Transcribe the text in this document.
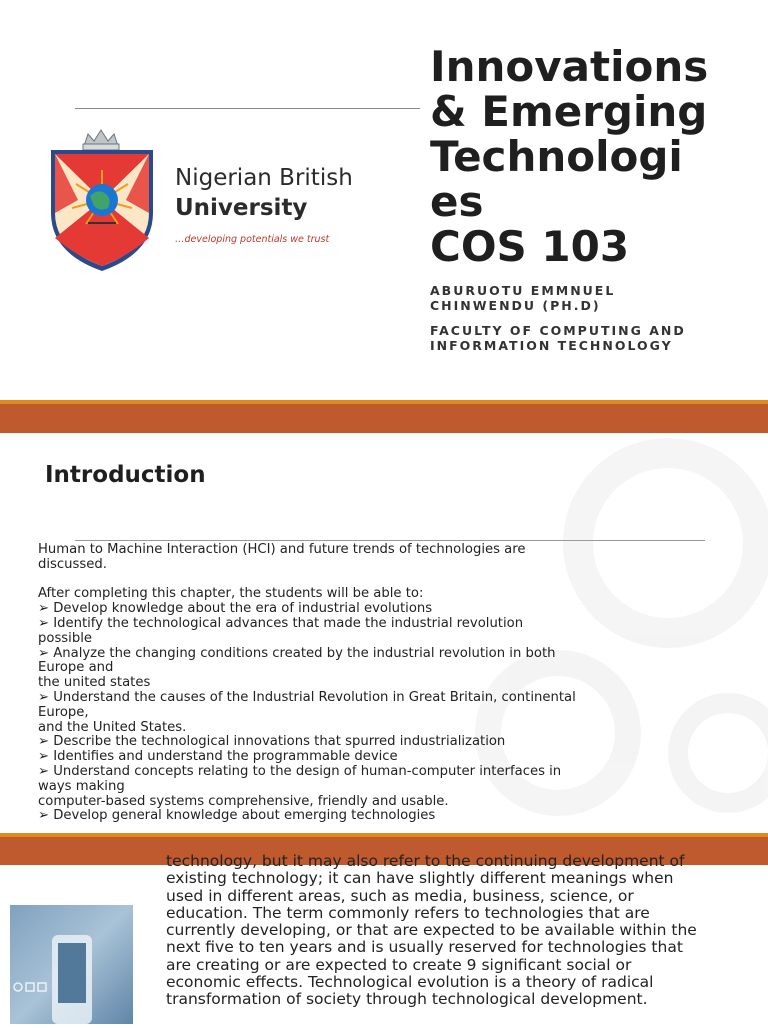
Nigerian British
University
…developing potentials we trust
Innovations
& Emerging
Technologi
es
COS 103
ABURUOTU EMMNUEL
CHINWENDU (PH.D)
FACULTY OF COMPUTING AND
INFORMATION TECHNOLOGY
Introduction
Human to Machine Interaction (HCI) and future trends of technologies are
discussed.

After completing this chapter, the students will be able to:
➢ Develop knowledge about the era of industrial evolutions
➢ Identify the technological advances that made the industrial revolution
possible
➢ Analyze the changing conditions created by the industrial revolution in both
Europe and
the united states
➢ Understand the causes of the Industrial Revolution in Great Britain, continental
Europe,
and the United States.
➢ Describe the technological innovations that spurred industrialization
➢ Identifies and understand the programmable device
➢ Understand concepts relating to the design of human-computer interfaces in
ways making
computer-based systems comprehensive, friendly and usable.
➢ Develop general knowledge about emerging technologies
technology, but it may also refer to the continuing development of
existing technology; it can have slightly different meanings when
used in different areas, such as media, business, science, or
education. The term commonly refers to technologies that are
currently developing, or that are expected to be available within the
next five to ten years and is usually reserved for technologies that
are creating or are expected to create 9 significant social or
economic effects. Technological evolution is a theory of radical
transformation of society through technological development.
